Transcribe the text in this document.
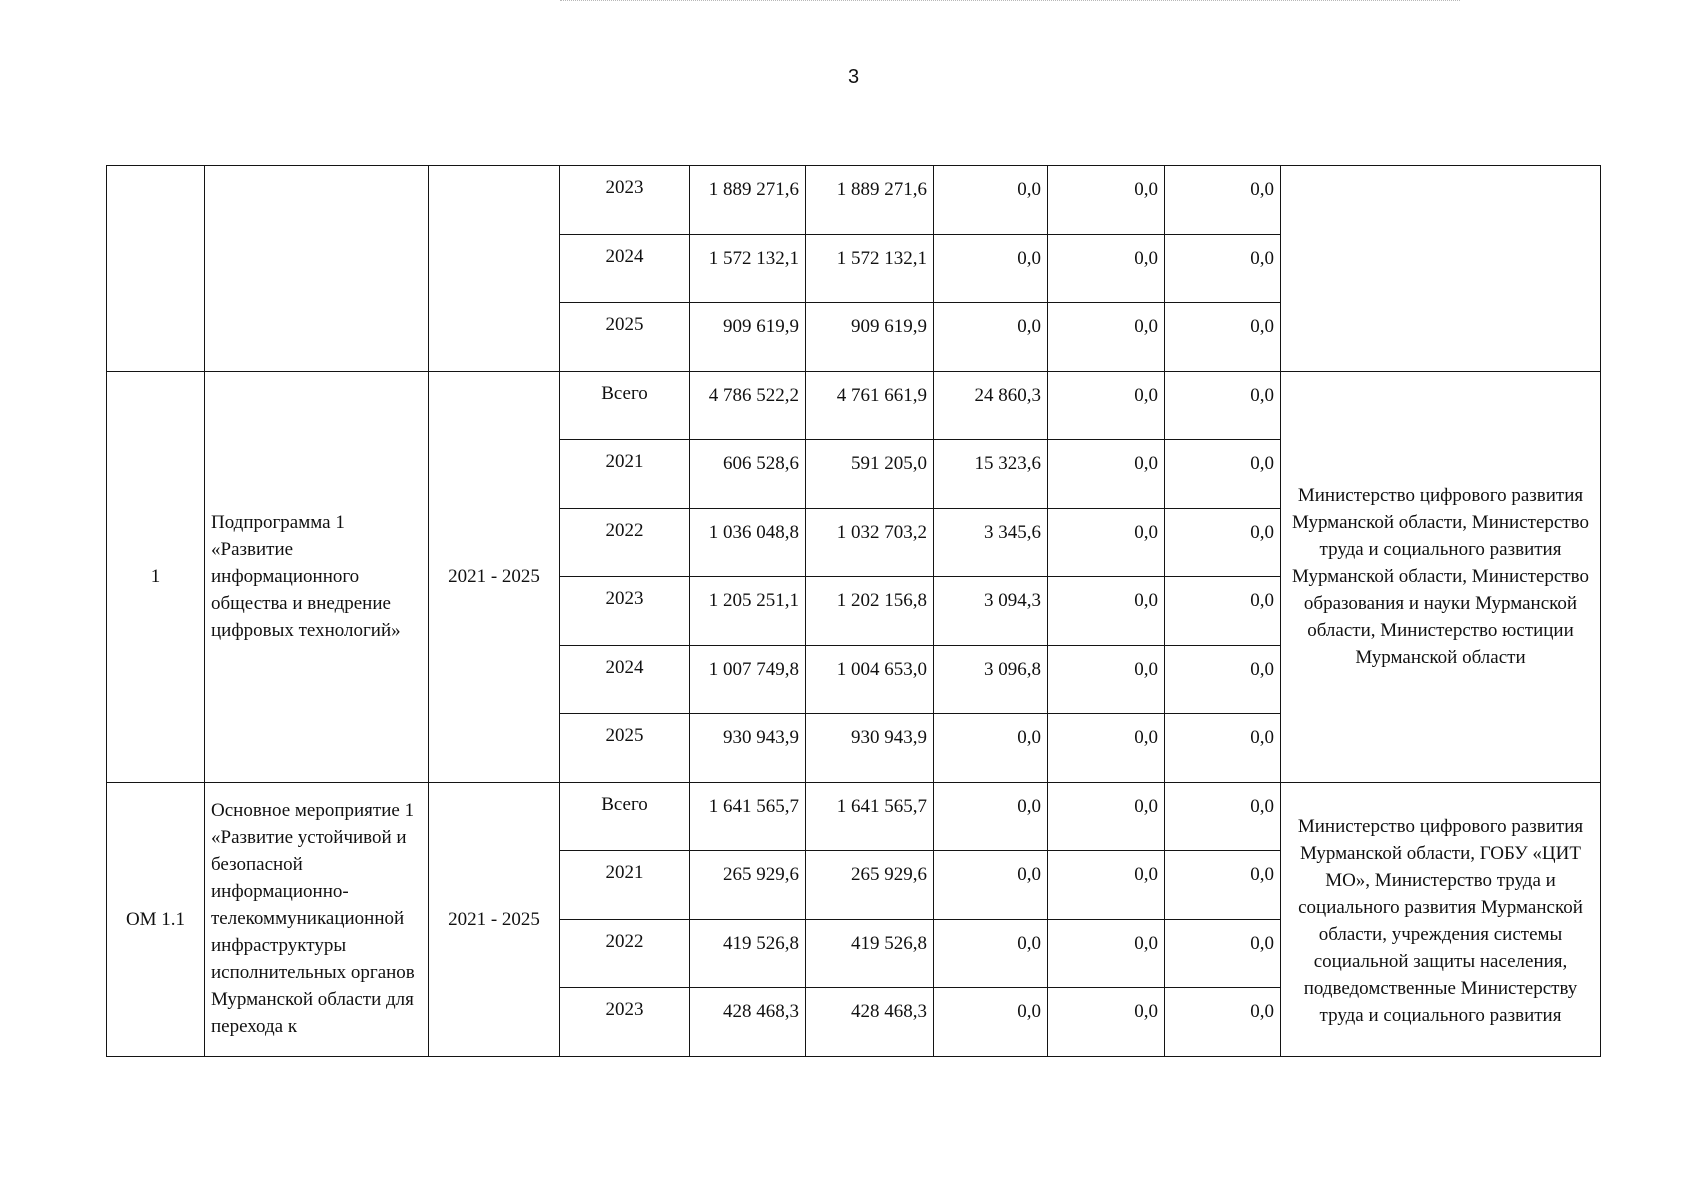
3
2023	1 889 271,6	1 889 271,6	0,0	0,0	0,0
2024	1 572 132,1	1 572 132,1	0,0	0,0	0,0
2025	909 619,9	909 619,9	0,0	0,0	0,0
1
Подпрограмма 1 «Развитие информационного общества и внедрение цифровых технологий»
2021 - 2025
Министерство цифрового развития Мурманской области, Министерство труда и социального развития Мурманской области, Министерство образования и науки Мурманской области, Министерство юстиции Мурманской области
Всего	4 786 522,2	4 761 661,9	24 860,3	0,0	0,0
2021	606 528,6	591 205,0	15 323,6	0,0	0,0
2022	1 036 048,8	1 032 703,2	3 345,6	0,0	0,0
2023	1 205 251,1	1 202 156,8	3 094,3	0,0	0,0
2024	1 007 749,8	1 004 653,0	3 096,8	0,0	0,0
2025	930 943,9	930 943,9	0,0	0,0	0,0
ОМ 1.1
Основное мероприятие 1 «Развитие устойчивой и безопасной информационно-телекоммуникационной инфраструктуры исполнительных органов Мурманской области для перехода к
2021 - 2025
Министерство цифрового развития Мурманской области, ГОБУ «ЦИТ МО», Министерство труда и социального развития Мурманской области, учреждения системы социальной защиты населения, подведомственные Министерству труда и социального развития
Всего	1 641 565,7	1 641 565,7	0,0	0,0	0,0
2021	265 929,6	265 929,6	0,0	0,0	0,0
2022	419 526,8	419 526,8	0,0	0,0	0,0
2023	428 468,3	428 468,3	0,0	0,0	0,0
